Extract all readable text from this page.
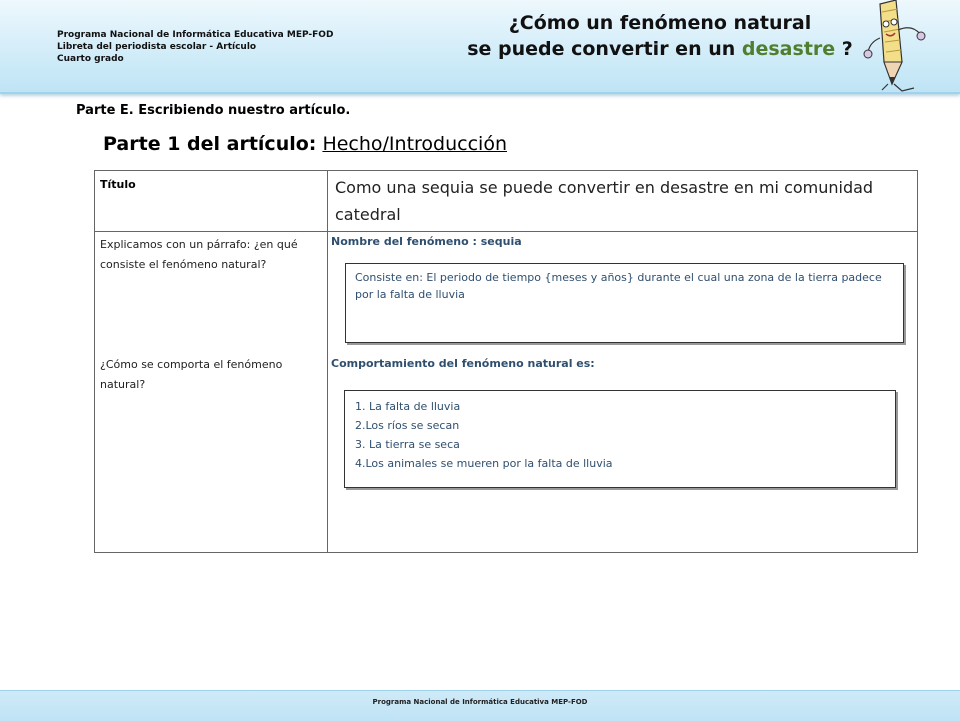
Programa Nacional de Informática Educativa MEP-FOD
Libreta del periodista escolar - Artículo
Cuarto grado
¿Cómo un fenómeno natural
se puede convertir en un desastre ?
Parte E. Escribiendo nuestro artículo.
Parte 1 del artículo: Hecho/Introducción
Título	Como una sequia se puede convertir en desastre en mi comunidad catedral
Explicamos con un párrafo: ¿en qué consiste el fenómeno natural?
¿Cómo se comporta el fenómeno natural?
Nombre del fenómeno : sequia
Comportamiento del fenómeno natural es:
Consiste en: El periodo de tiempo {meses y años} durante el cual una zona de la tierra padece por la falta de lluvia
1. La falta de lluvia
2.Los ríos se secan
3. La tierra se seca
4.Los animales se mueren por la falta de lluvia
Programa Nacional de Informática Educativa MEP-FOD
